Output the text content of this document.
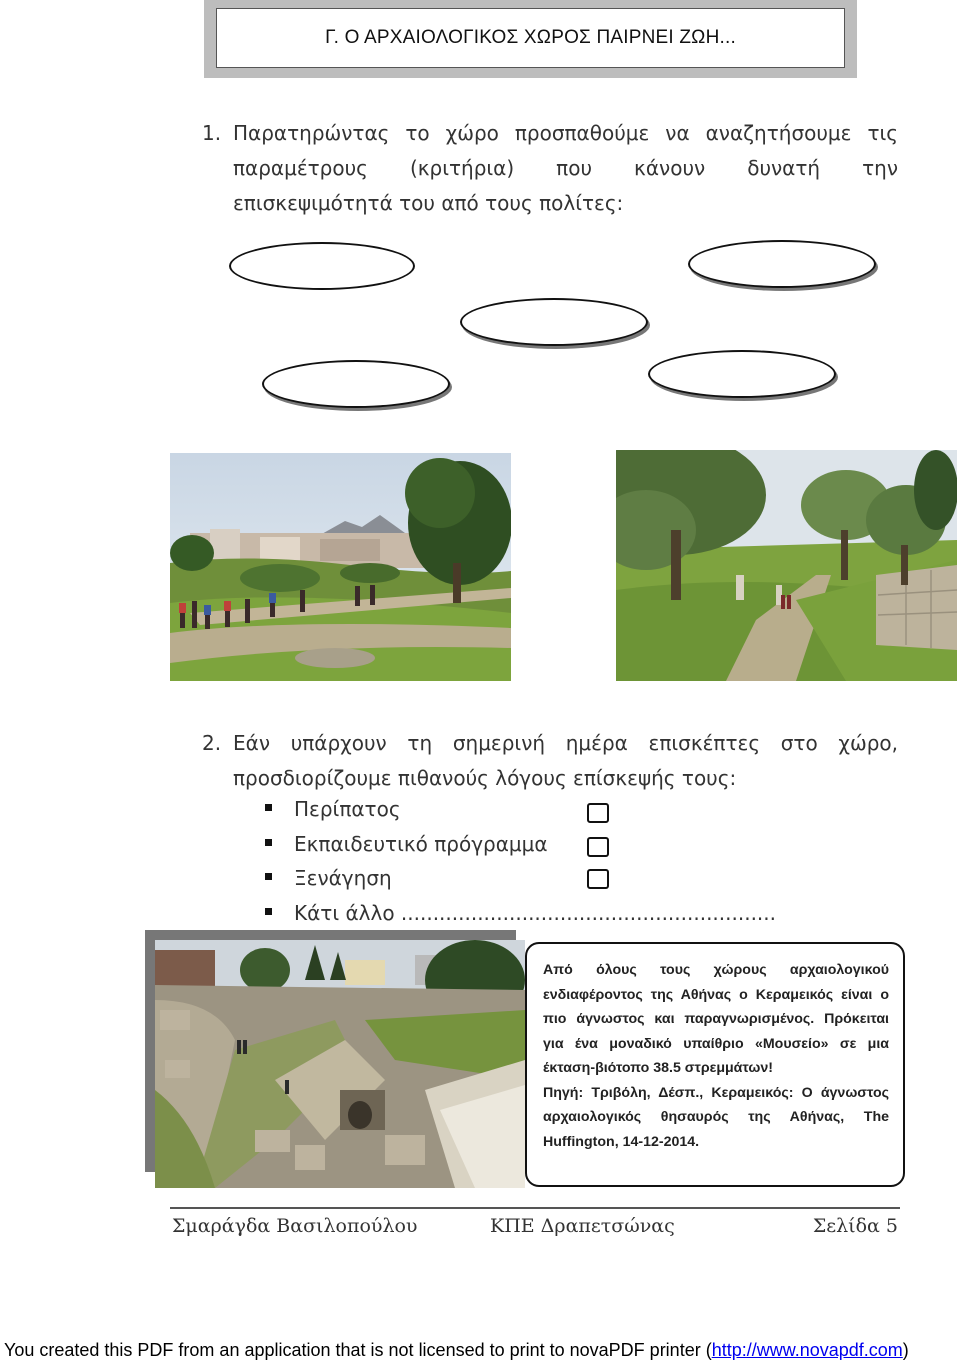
Γ. Ο ΑΡΧΑΙΟΛΟΓΙΚΟΣ ΧΩΡΟΣ ΠΑΙΡΝΕΙ ΖΩΗ...
1. Παρατηρώντας το χώρο προσπαθούμε να αναζητήσουμε τις
παραμέτρους (κριτήρια) που κάνουν δυνατή την
επισκεψιμότητά του από τους πολίτες:
2. Εάν υπάρχουν τη σημερινή ημέρα επισκέπτες στο χώρο,
προσδιορίζουμε πιθανούς λόγους επίσκεψής τους:
Περίπατος
Εκπαιδευτικό πρόγραμμα
Ξενάγηση
Κάτι άλλο ...........................................................

Από όλους τους χώρους αρχαιολογικού ενδιαφέροντος της Αθήνας ο Κεραμεικός είναι ο πιο άγνωστος και παραγνωρισμένος. Πρόκειται για ένα μοναδικό υπαίθριο «Μουσείο» σε μια έκταση-βιότοπο 38.5 στρεμμάτων!

Πηγή: Τριβόλη, Δέσπ., Κεραμεικός: Ο άγνωστος αρχαιολογικός θησαυρός της Αθήνας, The Huffington, 14-12-2014.

Σμαράγδα Βασιλοπούλου	ΚΠΕ Δραπετσώνας	Σελίδα 5
You created this PDF from an application that is not licensed to print to novaPDF printer (http://www.novapdf.com)
